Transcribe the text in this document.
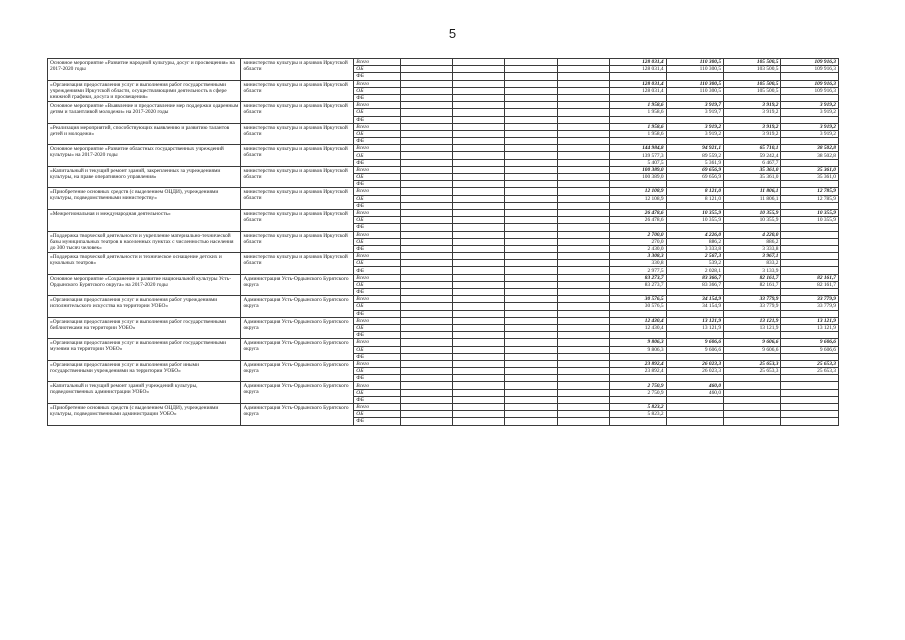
5
Основное мероприятие «Развитие народной культуры, досуг и просвещения» на 2017-2020 годы	министерство культуры и архивов Иркутской области	Всего					128 031,4	110 300,5	105 500,5	109 916,3
		ОБ					128 031,4	110 300,5	103 500,5	109 916,3
		ФБ								
«Организация предоставления услуг и выполнения работ государственными учреждениями Иркутской области, осуществляющими деятельность в сфере книжной графики, досуга и просвещения»	министерство культуры и архивов Иркутской области	Всего					128 031,4	110 300,5	105 500,5	109 916,3
		ОБ					128 031,4	110 300,5	105 500,5	109 916,3
		ФБ								
Основное мероприятие «Выявление и предоставление мер поддержки одаренным детям и талантливой молодежи» на 2017-2020 годы	министерство культуры и архивов Иркутской области	Всего					1 958,6	3 919,7	3 919,2	3 919,2
		ОБ					1 958,6	3 919,7	3 919,2	3 919,2
		ФБ								
«Реализация мероприятий, способствующих выявлению и развитию талантов детей и молодежи»	министерство культуры и архивов Иркутской области	Всего					1 958,6	3 919,2	3 919,2	3 919,2
		ОБ					1 958,6	3 919,2	3 919,2	3 919,2
		ФБ								
Основное мероприятие «Развитие областных государственных учреждений культуры» на 2017-2020 годы	министерство культуры и архивов Иркутской области	Всего					144 984,8	94 921,1	65 710,1	38 502,8
		ОБ					139 577,3	89 559,2	59 242,4	38 502,8
		ФБ					5 407,5	5 361,9	6 467,7	
«Капитальный и текущий ремонт зданий, закрепленных за учреждениями культуры, на праве оперативного управления»	министерство культуры и архивов Иркутской области	Всего					100 389,0	69 656,9	35 361,0	35 361,0
		ОБ					100 389,0	69 656,9	35 361,0	35 361,0
		ФБ								
«Приобретение основных средств (с выделением ОЦДИ), учреждениями культуры, подведомственными министерству»	министерство культуры и архивов Иркутской области	Всего					12 108,9	8 121,0	11 806,1	12 785,9
		ОБ					12 108,9	8 121,0	11 806,1	12 785,9
		ФБ								
«Межрегиональная и международная деятельность»	министерство культуры и архивов Иркутской области	Всего					26 478,6	10 355,9	10 355,9	10 355,9
		ОБ					26 478,6	10 355,9	10 355,9	10 355,9
		ФБ								
«Поддержка творческой деятельности и укрепление материально-технической базы муниципальных театров в населенных пунктах с численностью населения до 300 тысяч человек»	министерство культуры и архивов Иркутской области	Всего					2 700,0	4 226,0	4 220,0	
		ОБ					270,0	886,2	886,2	
		ФБ					2 430,0	3 333,8	3 333,8	
«Поддержка творческой деятельности и техническое оснащение детских и кукольных театров»	министерство культуры и архивов Иркутской области	Всего					3 308,3	2 567,3	3 967,1	
		ОБ					330,8	539,2	833,2	
		ФБ					2 977,5	2 028,1	3 133,9	
Основное мероприятие «Сохранение и развитие национальной культуры Усть-Ордынского Бурятского округа» на 2017-2020 годы	Администрация Усть-Ордынского Бурятского округа	Всего					83 273,7	83 366,7	82 161,7	82 161,7
		ОБ					83 273,7	83 366,7	82 161,7	82 161,7
		ФБ								
«Организация предоставления услуг и выполнения работ учреждениями исполнительского искусства на территории УОБО»	Администрация Усть-Ордынского Бурятского округа	Всего					30 576,5	34 154,9	33 779,9	33 779,9
		ОБ					30 576,5	34 154,9	33 779,9	33 779,9
		ФБ								
«Организация предоставления услуг и выполнения работ государственными библиотеками на территории УОБО»	Администрация Усть-Ордынского Бурятского округа	Всего					12 430,4	13 121,9	13 121,9	13 121,9
		ОБ					12 430,4	13 121,9	13 121,9	13 121,9
		ФБ								
«Организация предоставления услуг и выполнения работ государственными музеями на территории УОБО»	Администрация Усть-Ордынского Бурятского округа	Всего					9 806,3	9 606,6	9 606,6	9 606,6
		ОБ					9 806,3	9 606,6	9 606,6	9 606,6
		ФБ								
«Организация предоставления услуг и выполнения работ иными государственными учреждениями на территории УОБО»	Администрация Усть-Ордынского Бурятского округа	Всего					23 892,4	26 023,3	25 653,3	25 653,3
		ОБ					23 892,4	26 023,3	25 653,3	25 653,3
		ФБ								
«Капитальный и текущий ремонт зданий учреждений культуры, подведомственных администрации УОБО»	Администрация Усть-Ордынского Бурятского округа	Всего					2 750,9	460,0		
		ОБ					2 750,9	460,0		
		ФБ								
«Приобретение основных средств (с выделением ОЦДИ), учреждениями культуры, подведомственными администрации УОБО»	Администрация Усть-Ордынского Бурятского округа	Всего					5 823,2			
		ОБ					5 823,2			
		ФБ								
